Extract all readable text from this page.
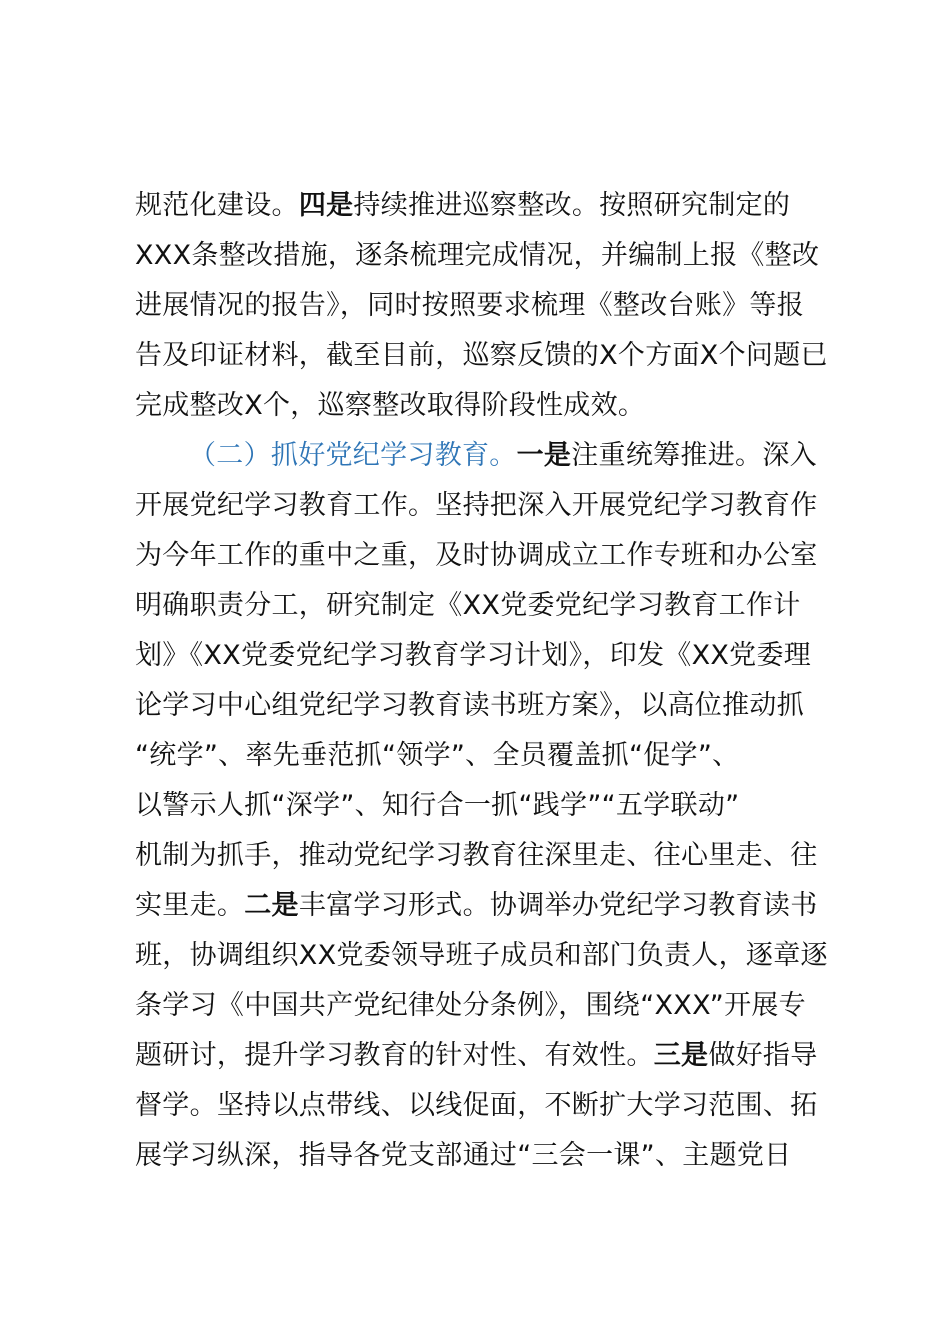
规范化建设。四是持续推进巡察整改。按照研究制定的
XXX条整改措施，逐条梳理完成情况，并编制上报《整改
进展情况的报告》，同时按照要求梳理《整改台账》等报
告及印证材料，截至目前，巡察反馈的X个方面X个问题已
完成整改X个，巡察整改取得阶段性成效。
（二）抓好党纪学习教育。一是注重统筹推进。深入
开展党纪学习教育工作。坚持把深入开展党纪学习教育作
为今年工作的重中之重，及时协调成立工作专班和办公室
明确职责分工，研究制定《XX党委党纪学习教育工作计
划》《XX党委党纪学习教育学习计划》，印发《XX党委理
论学习中心组党纪学习教育读书班方案》，以高位推动抓
“统学”、率先垂范抓“领学”、全员覆盖抓“促学”、
以警示人抓“深学”、知行合一抓“践学”“五学联动”
机制为抓手，推动党纪学习教育往深里走、往心里走、往
实里走。二是丰富学习形式。协调举办党纪学习教育读书
班，协调组织XX党委领导班子成员和部门负责人，逐章逐
条学习《中国共产党纪律处分条例》，围绕“XXX”开展专
题研讨，提升学习教育的针对性、有效性。三是做好指导
督学。坚持以点带线、以线促面，不断扩大学习范围、拓
展学习纵深，指导各党支部通过“三会一课”、主题党日
